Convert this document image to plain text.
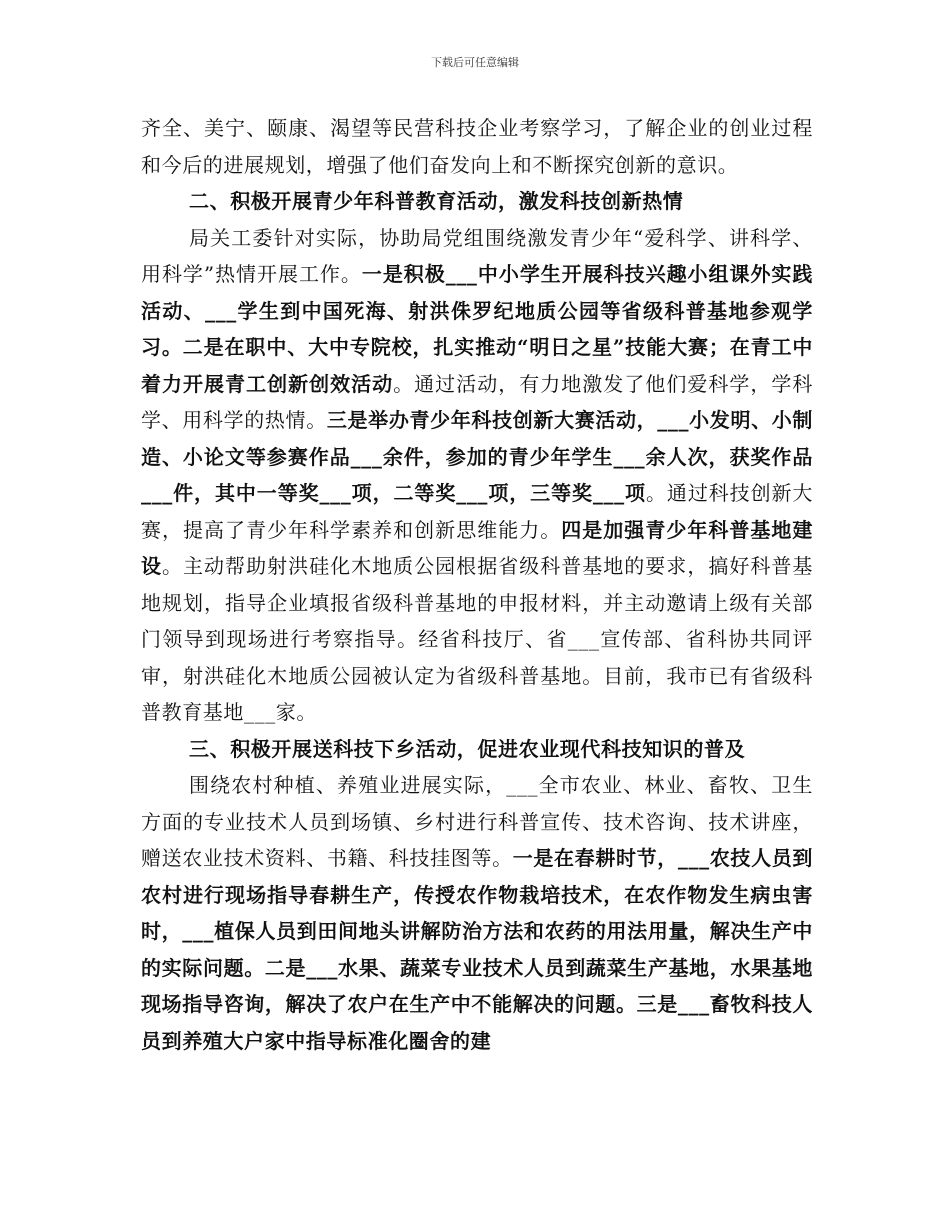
下载后可任意编辑

齐全、美宁、颐康、渴望等民营科技企业考察学习，了解企业的创业过程和今后的进展规划，增强了他们奋发向上和不断探究创新的意识。

二、积极开展青少年科普教育活动，激发科技创新热情

局关工委针对实际，协助局党组围绕激发青少年“爱科学、讲科学、用科学”热情开展工作。一是积极___中小学生开展科技兴趣小组课外实践活动、___学生到中国死海、射洪侏罗纪地质公园等省级科普基地参观学习。二是在职中、大中专院校，扎实推动“明日之星”技能大赛；在青工中着力开展青工创新创效活动。通过活动，有力地激发了他们爱科学，学科学、用科学的热情。三是举办青少年科技创新大赛活动，___小发明、小制造、小论文等参赛作品___余件，参加的青少年学生___余人次，获奖作品___件，其中一等奖___项，二等奖___项，三等奖___项。通过科技创新大赛，提高了青少年科学素养和创新思维能力。四是加强青少年科普基地建设。主动帮助射洪硅化木地质公园根据省级科普基地的要求，搞好科普基地规划，指导企业填报省级科普基地的申报材料，并主动邀请上级有关部门领导到现场进行考察指导。经省科技厅、省___宣传部、省科协共同评审，射洪硅化木地质公园被认定为省级科普基地。目前，我市已有省级科普教育基地___家。

三、积极开展送科技下乡活动，促进农业现代科技知识的普及

围绕农村种植、养殖业进展实际，___全市农业、林业、畜牧、卫生方面的专业技术人员到场镇、乡村进行科普宣传、技术咨询、技术讲座，赠送农业技术资料、书籍、科技挂图等。一是在春耕时节，___农技人员到农村进行现场指导春耕生产，传授农作物栽培技术，在农作物发生病虫害时，___植保人员到田间地头讲解防治方法和农药的用法用量，解决生产中的实际问题。二是___水果、蔬菜专业技术人员到蔬菜生产基地，水果基地现场指导咨询，解决了农户在生产中不能解决的问题。三是___畜牧科技人员到养殖大户家中指导标准化圈舍的建
